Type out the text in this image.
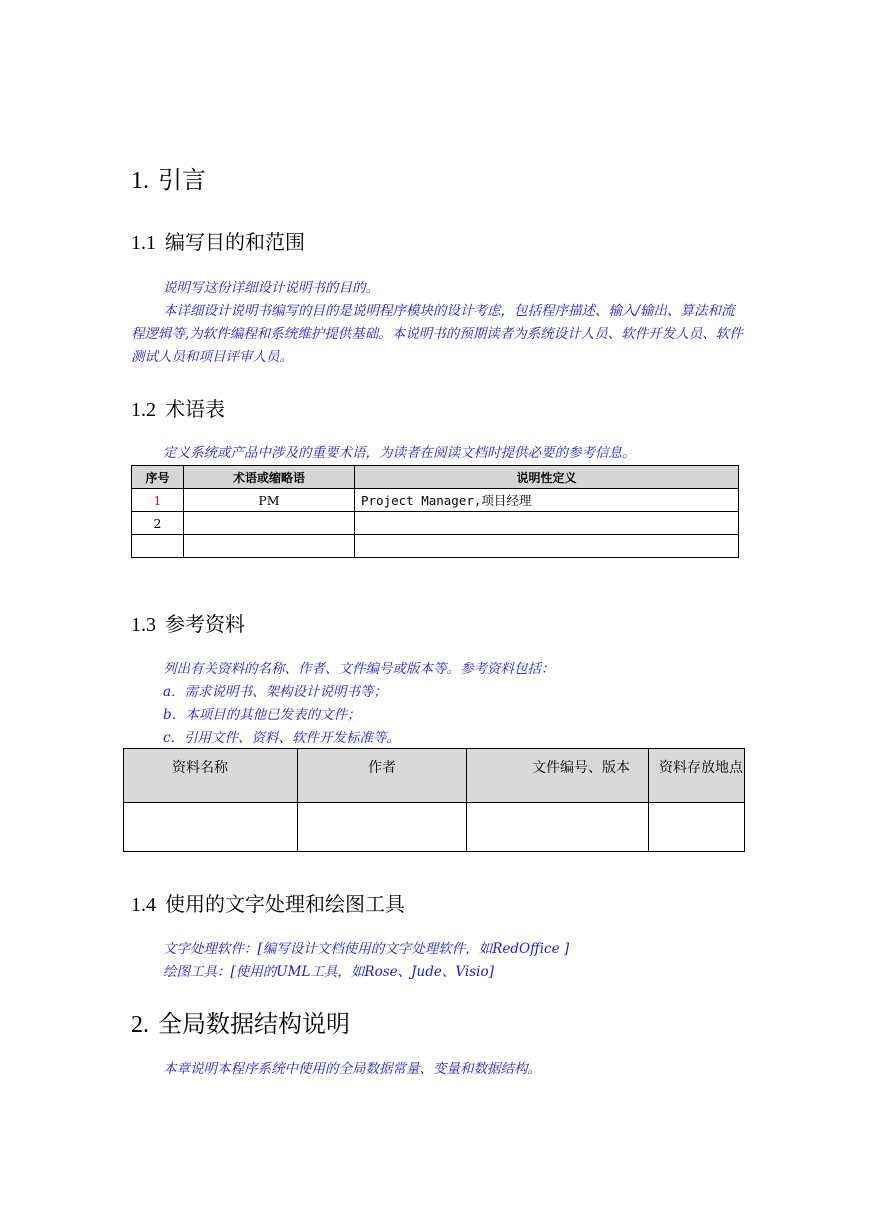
1. 引言
1.1 编写目的和范围
说明写这份详细设计说明书的目的。
本详细设计说明书编写的目的是说明程序模块的设计考虑，包括程序描述、输入/输出、算法和流程逻辑等,为软件编程和系统维护提供基础。本说明书的预期读者为系统设计人员、软件开发人员、软件测试人员和项目评审人员。
1.2 术语表
定义系统或产品中涉及的重要术语，为读者在阅读文档时提供必要的参考信息。
序号	术语或缩略语	说明性定义
1	PM	Project Manager,项目经理
2		

1.3 参考资料
列出有关资料的名称、作者、文件编号或版本等。参考资料包括：
a．需求说明书、架构设计说明书等；
b．本项目的其他已发表的文件；
c．引用文件、资料、软件开发标准等。
资料名称	作者	文件编号、版本	资料存放地点

1.4 使用的文字处理和绘图工具
文字处理软件：[编写设计文档使用的文字处理软件，如RedOffice ]
绘图工具：[使用的UML工具，如Rose、Jude、Visio]
2. 全局数据结构说明
本章说明本程序系统中使用的全局数据常量、变量和数据结构。
